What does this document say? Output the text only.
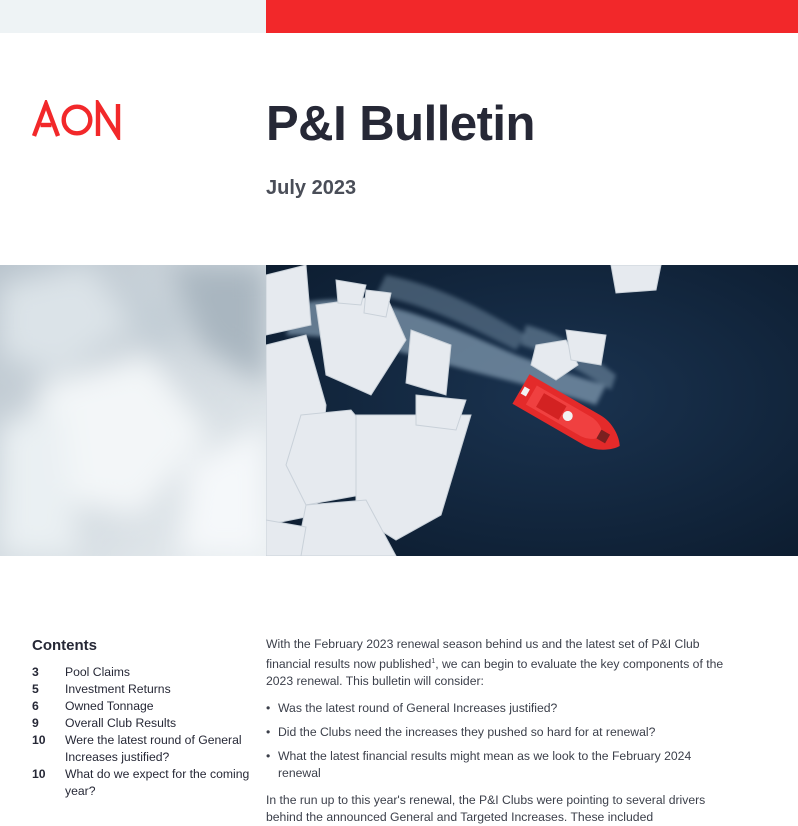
P&I Bulletin
July 2023
Contents
3	Pool Claims
5	Investment Returns
6	Owned Tonnage
9	Overall Club Results
10	Were the latest round of General Increases justified?
10	What do we expect for the coming year?

With the February 2023 renewal season behind us and the latest set of P&I Club financial results now published$^1$, we can begin to evaluate the key components of the 2023 renewal. This bulletin will consider:

• Was the latest round of General Increases justified?
• Did the Clubs need the increases they pushed so hard for at renewal?
• What the latest financial results might mean as we look to the February 2024 renewal

In the run up to this year's renewal, the P&I Clubs were pointing to several drivers behind the announced General and Targeted Increases. These included
